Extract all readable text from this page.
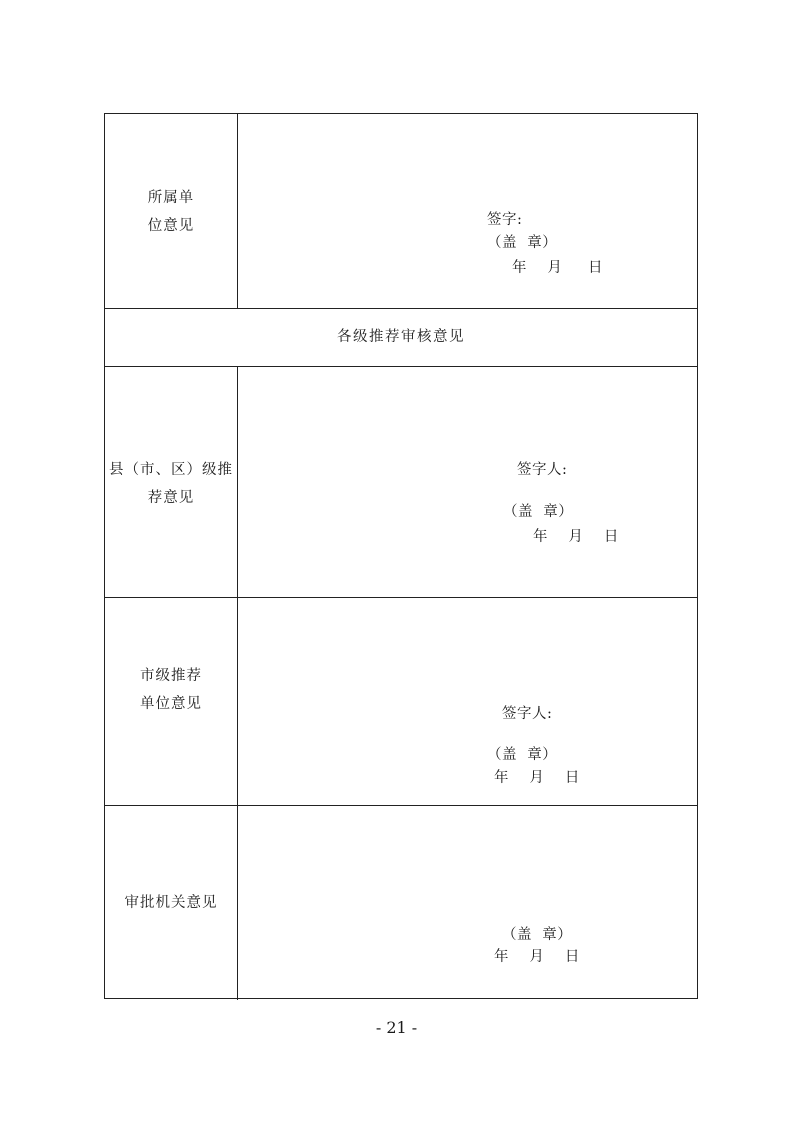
所属单
位意见	签字:
（盖  章）
年    月     日
各级推荐审核意见
县（市、区）级推
荐意见
签字人:
（盖  章）
年    月    日
市级推荐
单位意见
签字人:
（盖  章）
年    月    日
审批机关意见
（盖  章）
年    月    日
- 21 -
